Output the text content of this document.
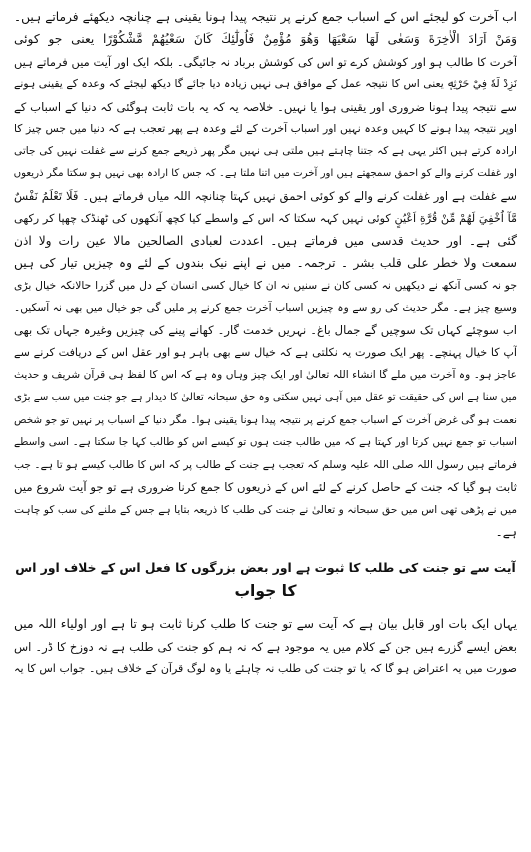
اب آخرت کو لیجئے اس کے اسباب جمع کرنے پر نتیجہ پیدا ہونا یقینی ہے چنانچہ دیکھئے فرماتے ہیں۔
وَمَنْ اَرَادَ الْاٰخِرَةَ وَسَعٰى لَهَا سَعْيَهَا وَهُوَ مُؤْمِنٌ فَاُولٰٓئِكَ كَانَ سَعْيُهُمْ مَّشْكُوْرًا یعنی جو کوئی
آخرت کا طالب ہو اور کوشش کرے تو اس کی کوشش برباد نہ جائیگی۔ بلکہ ایک اور آیت میں فرماتے ہیں
نَزِدْ لَهٗ فِيْ حَرْثِهٖ یعنی اس کا نتیجہ عمل کے موافق ہی نہیں زیادہ دیا جائے گا دیکھ لیجئے کہ وعدہ کے یقینی ہونے
سے نتیجہ پیدا ہونا ضروری اور یقینی ہوا یا نہیں۔ خلاصہ یہ کہ یہ بات ثابت ہوگئی کہ دنیا کے اسباب کے
اوپر نتیجہ پیدا ہونے کا کہیں وعدہ نہیں اور اسباب آخرت کے لئے وعدہ ہے پھر تعجب ہے کہ دنیا میں جس چیز کا
ارادہ کرتے ہیں اکثر یہی ہے کہ جتنا چاہتے ہیں ملتی ہی نہیں مگر پھر ذریعے جمع کرنے سے غفلت نہیں کی جاتی
اور غفلت کرنے والے کو احمق سمجھتے ہیں اور آخرت میں اتنا ملتا ہے۔ کہ جس کا ارادہ بھی نہیں ہو سکتا مگر ذریعوں
سے غفلت ہے اور غفلت کرنے والے کو کوئی احمق نہیں کہتا چنانچہ اللہ میاں فرماتے ہیں۔ فَلَا تَعْلَمُ نَفْسٌ
مَّآ اُخْفِيَ لَهُمْ مِّنْ قُرَّةِ اَعْيُنٍ کوئی نہیں کہہ سکتا کہ اس کے واسطے کیا کچھ آنکھوں کی ٹھنڈک چھپا کر رکھی
گئی ہے۔ اور حدیث قدسی میں فرماتے ہیں۔ اعددت لعبادی الصالحین مالا عین رات ولا اذن
سمعت ولا خطر علی قلب بشر ۔ ترجمہ۔ میں نے اپنے نیک بندوں کے لئے وہ چیزیں تیار کی ہیں
جو نہ کسی آنکھ نے دیکھیں نہ کسی کان نے سنیں نہ ان کا خیال کسی انسان کے دل میں گزرا حالانکہ خیال بڑی
وسیع چیز ہے۔ مگر حدیث کی رو سے وہ چیزیں اسباب آخرت جمع کرنے پر ملیں گی جو خیال میں بھی نہ آسکیں۔
اب سوچئے کہاں تک سوچیں گے جمال باغ۔ نہریں خدمت گار۔ کھانے پینے کی چیزیں وغیرہ جہاں تک بھی
آپ کا خیال پہنچے۔ پھر ایک صورت یہ نکلتی ہے کہ خیال سے بھی باہر ہو اور عقل اس کے دریافت کرنے سے
عاجز ہو۔ وہ آخرت میں ملے گا انشاء اللہ تعالیٰ اور ایک چیز وہاں وہ ہے کہ اس کا لفظ ہی قرآن شریف و حدیث
میں سنا ہے اس کی حقیقت تو عقل میں آہی نہیں سکتی وہ حق سبحانہ تعالیٰ کا دیدار ہے جو جنت میں سب سے بڑی
نعمت ہو گی غرض آخرت کے اسباب جمع کرنے پر نتیجہ پیدا ہونا یقینی ہوا۔ مگر دنیا کے اسباب پر نہیں تو جو شخص
اسباب تو جمع نہیں کرتا اور کہتا ہے کہ میں طالب جنت ہوں تو کیسے اس کو طالب کہا جا سکتا ہے۔ اسی واسطے
فرماتے ہیں رسول اللہ صلی اللہ علیہ وسلم کہ تعجب ہے جنت کے طالب پر کہ اس کا طالب کیسے ہو تا ہے۔ جب
ثابت ہو گیا کہ جنت کے حاصل کرنے کے لئے اس کے ذریعوں کا جمع کرنا ضروری ہے تو جو آیت شروع میں
میں نے پڑھی تھی اس میں حق سبحانہ و تعالیٰ نے جنت کی طلب کا ذریعہ بتایا ہے جس کے ملنے کی سب کو چاہت
ہے۔
آیت سے تو جنت کی طلب کا ثبوت ہے اور بعض بزرگوں کا فعل اس کے خلاف اور اس
کا جواب
یہاں ایک بات اور قابل بیان ہے کہ آیت سے تو جنت کا طلب کرنا ثابت ہو تا ہے اور اولیاء اللہ میں
بعض ایسے گزرے ہیں جن کے کلام میں یہ موجود ہے کہ نہ ہم کو جنت کی طلب ہے نہ دوزخ کا ڈر۔ اس
صورت میں یہ اعتراض ہو گا کہ یا تو جنت کی طلب نہ چاہئے یا وہ لوگ قرآن کے خلاف ہیں۔ جواب اس کا یہ
